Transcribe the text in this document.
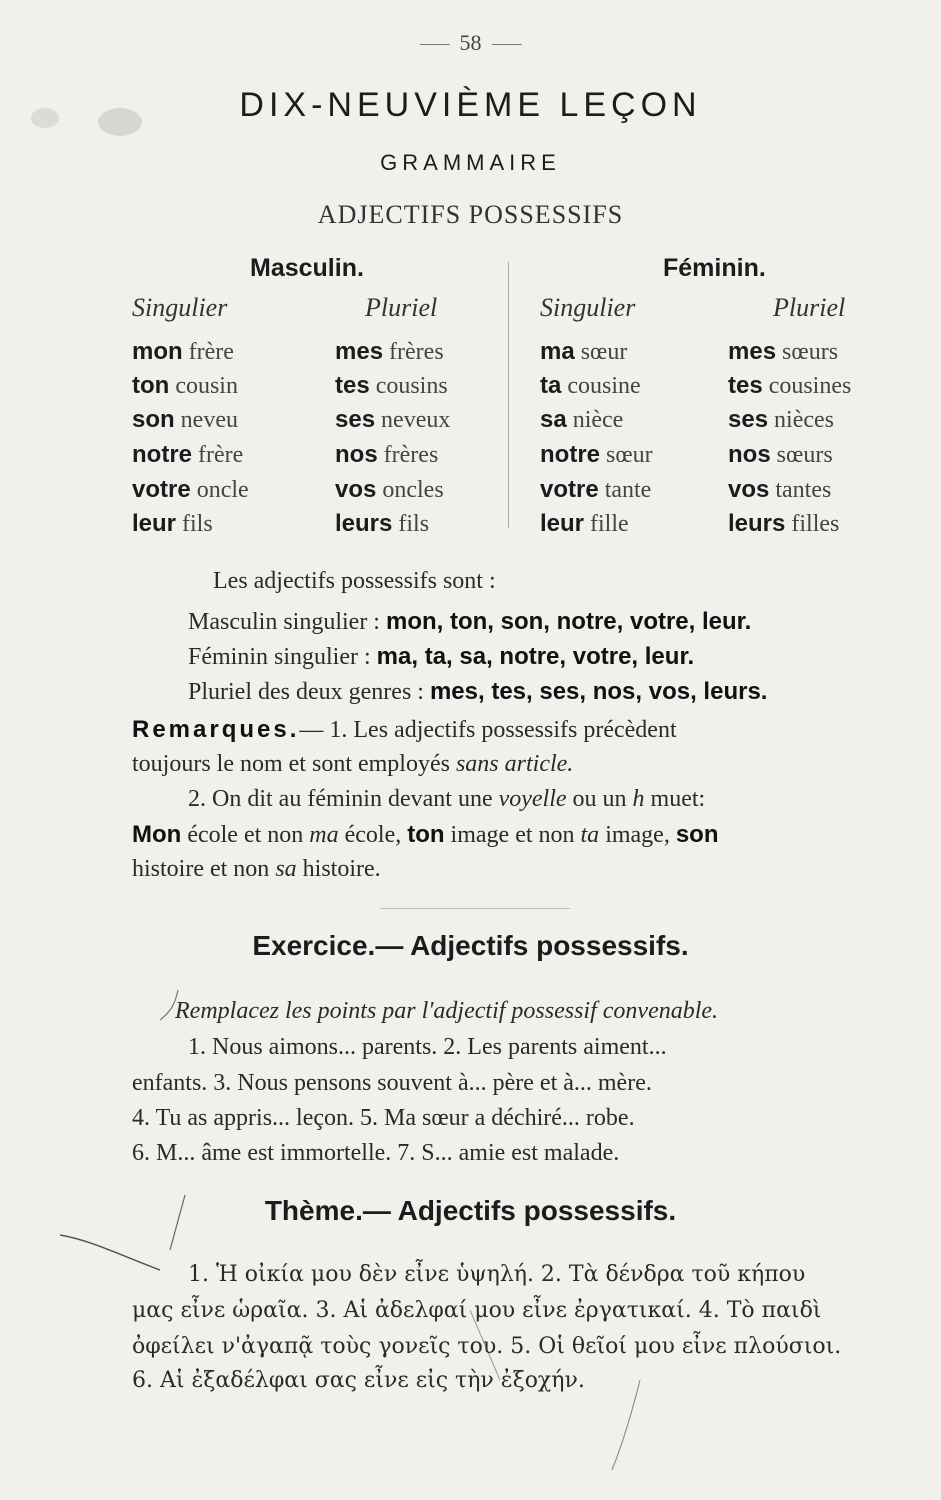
58
DIX-NEUVIÈME LEÇON
GRAMMAIRE
ADJECTIFS POSSESSIFS
Masculin.	Féminin.
Singulier	Pluriel	Singulier	Pluriel
mon frère	mes frères	ma sœur	mes sœurs
ton cousin	tes cousins	ta cousine	tes cousines
son neveu	ses neveux	sa nièce	ses nièces
notre frère	nos frères	notre sœur	nos sœurs
votre oncle	vos oncles	votre tante	vos tantes
leur fils	leurs fils	leur fille	leurs filles
Les adjectifs possessifs sont :
Masculin singulier : mon, ton, son, notre, votre, leur.
Féminin singulier : ma, ta, sa, notre, votre, leur.
Pluriel des deux genres : mes, tes, ses, nos, vos, leurs.
Remarques.— 1. Les adjectifs possessifs précèdent
toujours le nom et sont employés sans article.
2. On dit au féminin devant une voyelle ou un h muet:
Mon école et non ma école, ton image et non ta image, son
histoire et non sa histoire.
Exercice.— Adjectifs possessifs.
Remplacez les points par l'adjectif possessif convenable.
1. Nous aimons... parents. 2. Les parents aiment...
enfants. 3. Nous pensons souvent à... père et à... mère.
4. Tu as appris... leçon. 5. Ma sœur a déchiré... robe.
6. M... âme est immortelle. 7. S... amie est malade.
Thème.— Adjectifs possessifs.
1. Ἡ οἰκία μου δὲν εἶνε ὑψηλή. 2. Τὰ δένδρα τοῦ κήπου
μας εἶνε ὡραῖα. 3. Αἱ ἀδελφαί μου εἶνε ἐργατικαί. 4. Τὸ παιδὶ
ὀφείλει ν'ἀγαπᾷ τοὺς γονεῖς του. 5. Οἱ θεῖοί μου εἶνε πλούσιοι.
6. Αἱ ἐξαδέλφαι σας εἶνε εἰς τὴν ἐξοχήν.
